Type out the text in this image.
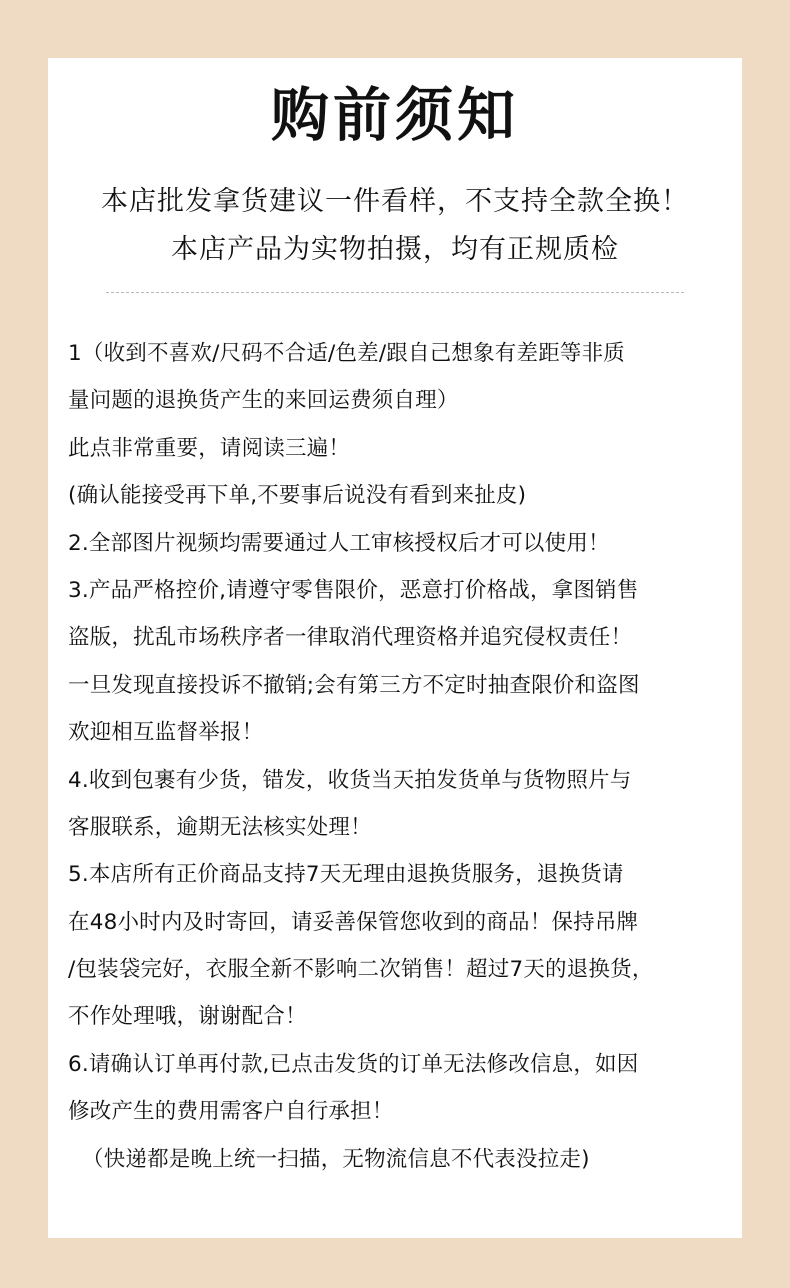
购前须知
本店批发拿货建议一件看样，不支持全款全换！
本店产品为实物拍摄，均有正规质检
1（收到不喜欢/尺码不合适/色差/跟自己想象有差距等非质
量问题的退换货产生的来回运费须自理）
此点非常重要，请阅读三遍！
(确认能接受再下单,不要事后说没有看到来扯皮)
2.全部图片视频均需要通过人工审核授权后才可以使用！
3.产品严格控价,请遵守零售限价，恶意打价格战，拿图销售
盗版，扰乱市场秩序者一律取消代理资格并追究侵权责任！
一旦发现直接投诉不撤销;会有第三方不定时抽查限价和盗图
欢迎相互监督举报！
4.收到包裹有少货，错发，收货当天拍发货单与货物照片与
客服联系，逾期无法核实处理！
5.本店所有正价商品支持7天无理由退换货服务，退换货请
在48小时内及时寄回，请妥善保管您收到的商品！保持吊牌
/包装袋完好，衣服全新不影响二次销售！超过7天的退换货，
不作处理哦，谢谢配合！
6.请确认订单再付款,已点击发货的订单无法修改信息，如因
修改产生的费用需客户自行承担！
（快递都是晚上统一扫描，无物流信息不代表没拉走)
